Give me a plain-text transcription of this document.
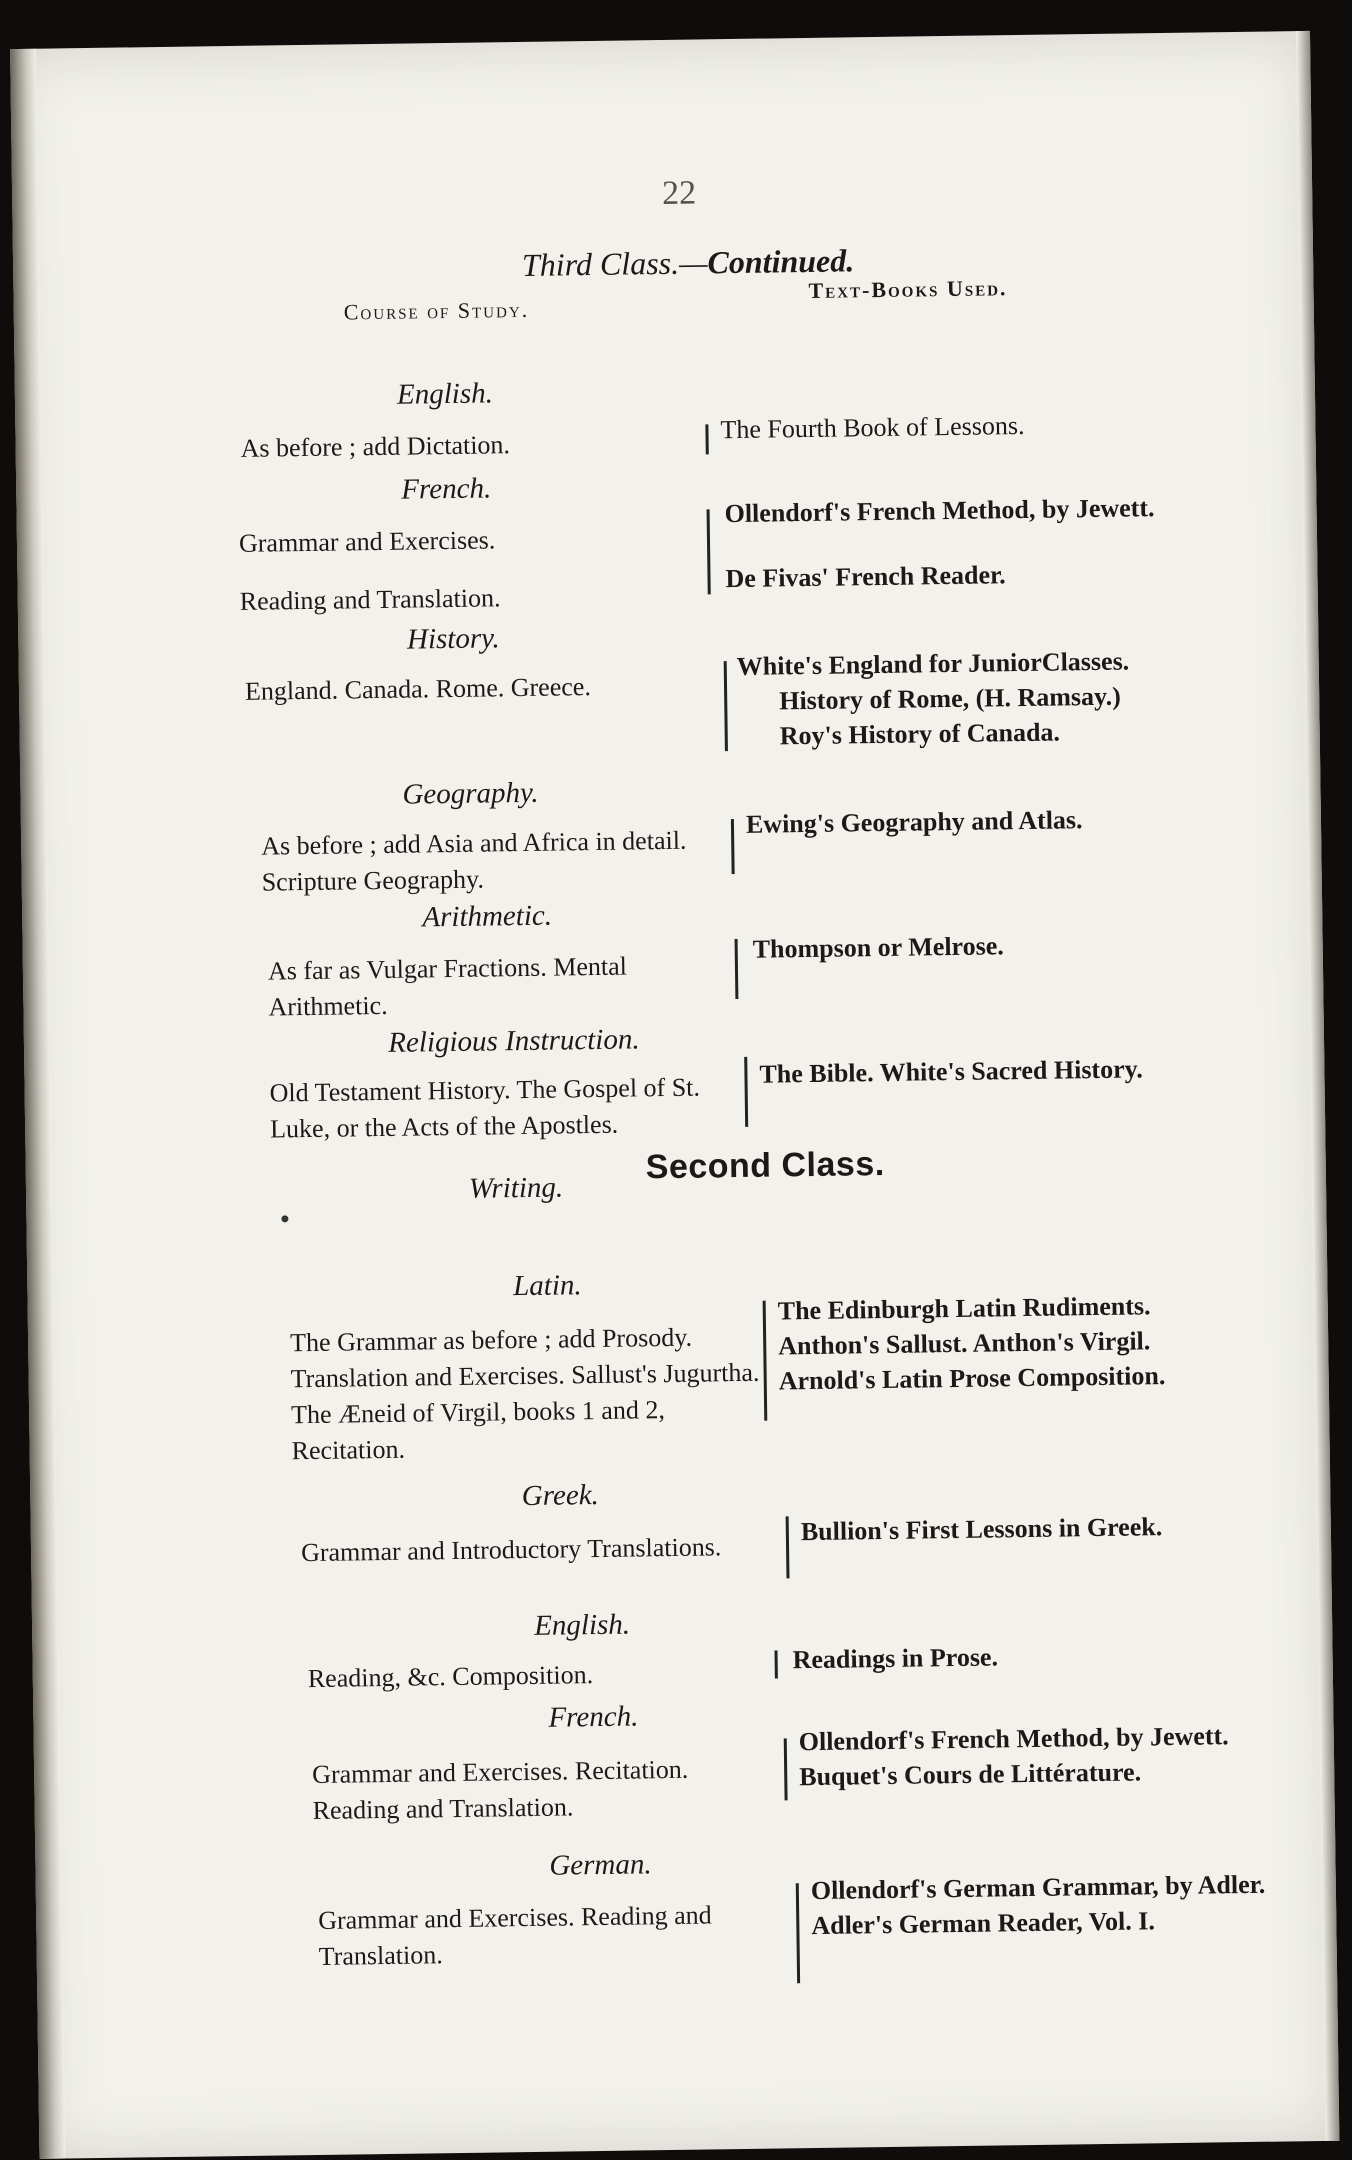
22
Third Class.—Continued.
Course of Study.
Text-Books Used.
English.
As before ; add Dictation.
The Fourth Book of Lessons.
French.
Grammar and Exercises.
Ollendorf's French Method, by Jewett.
Reading and Translation.
De Fivas' French Reader.
History.
England. Canada. Rome. Greece.
White's England for JuniorClasses.
History of Rome, (H. Ramsay.)
Roy's History of Canada.
Geography.
As before ; add Asia and Africa in detail. Scripture Geography.
Ewing's Geography and Atlas.
Arithmetic.
As far as Vulgar Fractions. Mental Arithmetic.
Thompson or Melrose.
Religious Instruction.
Old Testament History. The Gospel of St. Luke, or the Acts of the Apostles.
The Bible. White's Sacred History.
Writing.
Second Class.
Latin.
The Grammar as before ; add Prosody. Translation and Exercises. Sallust's Jugurtha. The Æneid of Virgil, books 1 and 2, Recitation.
The Edinburgh Latin Rudiments. Anthon's Sallust. Anthon's Virgil. Arnold's Latin Prose Composition.
Greek.
Grammar and Introductory Translations.
Bullion's First Lessons in Greek.
English.
Reading, &c. Composition.
Readings in Prose.
French.
Grammar and Exercises. Recitation. Reading and Translation.
Ollendorf's French Method, by Jewett. Buquet's Cours de Littérature.
German.
Grammar and Exercises. Reading and Translation.
Ollendorf's German Grammar, by Adler. Adler's German Reader, Vol. I.
